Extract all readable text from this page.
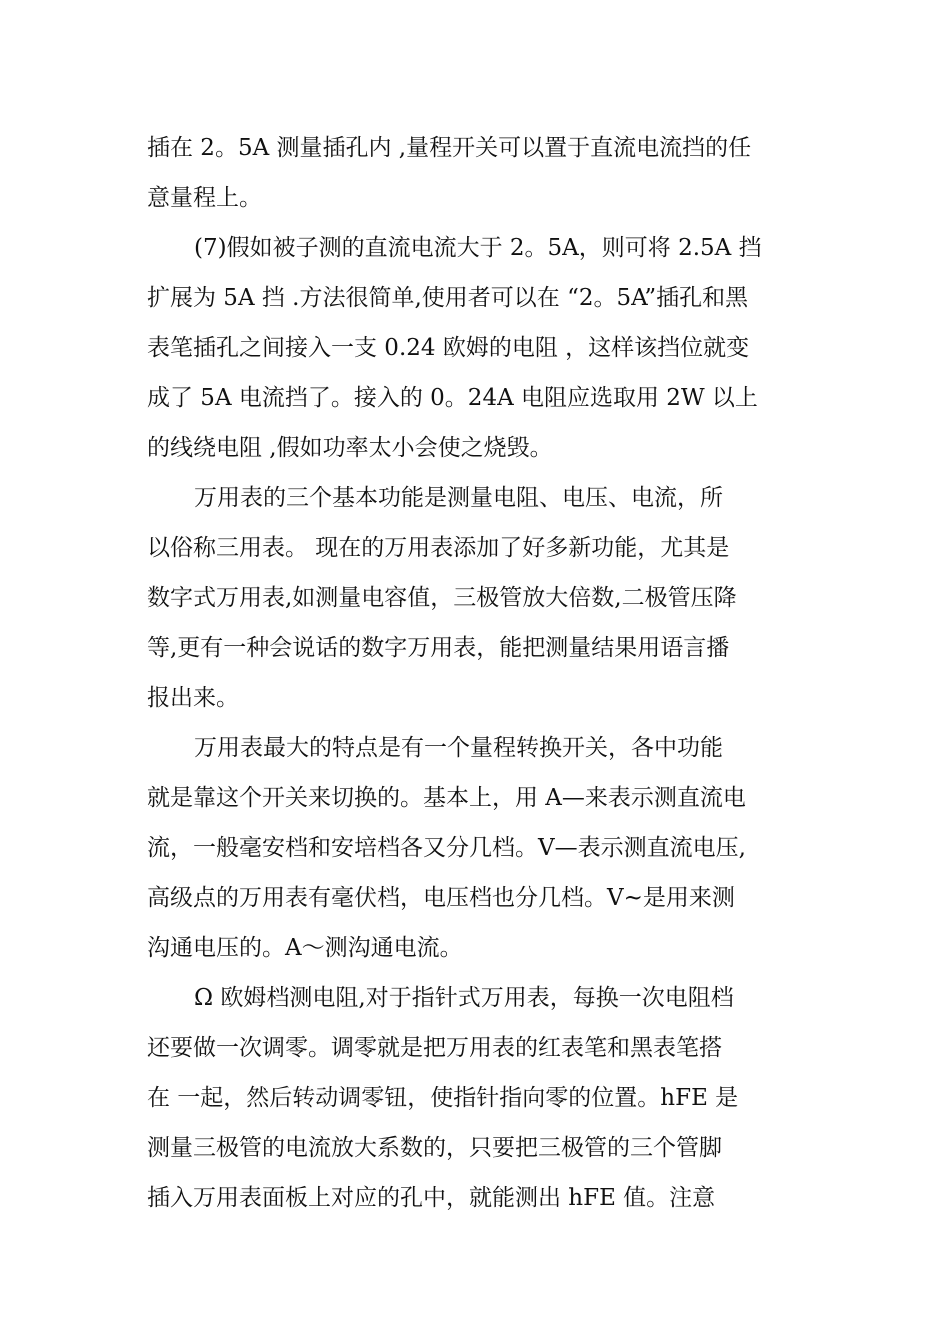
插在 2。5A 测量插孔内 ,量程开关可以置于直流电流挡的任
意量程上。
(7)假如被子测的直流电流大于 2。5A，则可将 2.5A 挡
扩展为 5A 挡 .方法很简单,使用者可以在 “2。5A”插孔和黑
表笔插孔之间接入一支 0.24 欧姆的电阻 ，这样该挡位就变
成了 5A 电流挡了。接入的 0。24A 电阻应选取用 2W 以上
的线绕电阻 ,假如功率太小会使之烧毁。
万用表的三个基本功能是测量电阻、电压、电流，所
以俗称三用表。 现在的万用表添加了好多新功能，尤其是
数字式万用表,如测量电容值，三极管放大倍数,二极管压降
等,更有一种会说话的数字万用表，能把测量结果用语言播
报出来。
万用表最大的特点是有一个量程转换开关，各中功能
就是靠这个开关来切换的。基本上，用 A—来表示测直流电
流，一般毫安档和安培档各又分几档。V—表示测直流电压,
高级点的万用表有毫伏档，电压档也分几档。V~是用来测
沟通电压的。A～测沟通电流。
Ω 欧姆档测电阻,对于指针式万用表，每换一次电阻档
还要做一次调零。调零就是把万用表的红表笔和黑表笔搭
在 一起，然后转动调零钮，使指针指向零的位置。hFE 是
测量三极管的电流放大系数的，只要把三极管的三个管脚
插入万用表面板上对应的孔中，就能测出 hFE 值。注意
